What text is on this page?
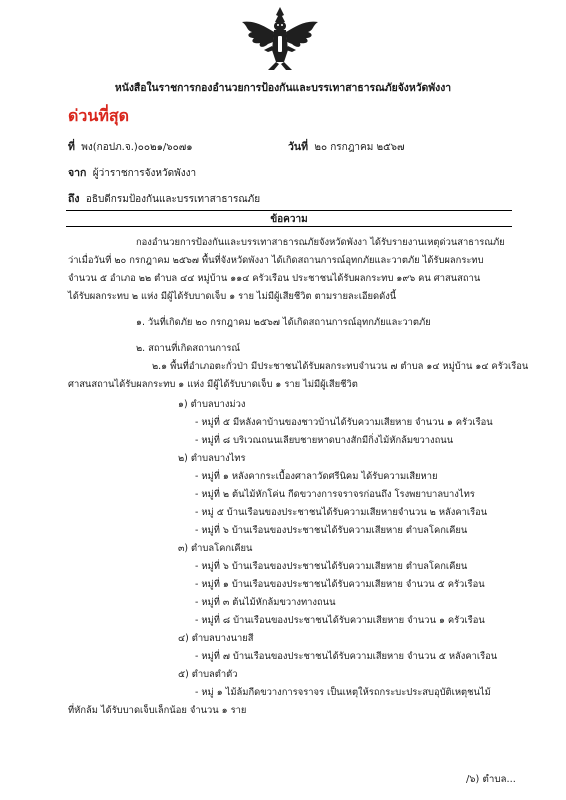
หนังสือในราชการกองอำนวยการป้องกันและบรรเทาสาธารณภัยจังหวัดพังงา
ด่วนที่สุด
ที่ พง(กอปภ.จ.)๐๐๒๑/๖๐๗๑	วันที่ ๒๐ กรกฎาคม ๒๕๖๗
จาก ผู้ว่าราชการจังหวัดพังงา
ถึง อธิบดีกรมป้องกันและบรรเทาสาธารณภัย
ข้อความ
กองอำนวยการป้องกันและบรรเทาสาธารณภัยจังหวัดพังงา ได้รับรายงานเหตุด่วนสาธารณภัย
ว่าเมื่อวันที่ ๒๐ กรกฎาคม ๒๕๖๗ พื้นที่จังหวัดพังงา ได้เกิดสถานการณ์อุทกภัยและวาตภัย ได้รับผลกระทบ
จำนวน ๕ อำเภอ ๒๒ ตำบล ๔๔ หมู่บ้าน ๑๑๔ ครัวเรือน ประชาชนได้รับผลกระทบ ๑๙๖ คน ศาสนสถาน
ได้รับผลกระทบ ๒ แห่ง มีผู้ได้รับบาดเจ็บ ๑ ราย ไม่มีผู้เสียชีวิต ตามรายละเอียดดังนี้
๑. วันที่เกิดภัย ๒๐ กรกฎาคม ๒๕๖๗ ได้เกิดสถานการณ์อุทกภัยและวาตภัย
๒. สถานที่เกิดสถานการณ์
๒.๑ พื้นที่อำเภอตะกั่วป่า มีประชาชนได้รับผลกระทบจำนวน ๗ ตำบล ๑๔ หมู่บ้าน ๑๔ ครัวเรือน
ศาสนสถานได้รับผลกระทบ ๑ แห่ง มีผู้ได้รับบาดเจ็บ ๑ ราย ไม่มีผู้เสียชีวิต
๑) ตำบลบางม่วง
- หมู่ที่ ๕ มีหลังคาบ้านของชาวบ้านได้รับความเสียหาย จำนวน ๑ ครัวเรือน
- หมู่ที่ ๘ บริเวณถนนเลียบชายหาดบางสักมีกิ่งไม้หักล้มขวางถนน
๒) ตำบลบางไทร
- หมู่ที่ ๑ หลังคากระเบื้องศาลาวัดศรีนิคม ได้รับความเสียหาย
- หมู่ที่ ๒ ต้นไม้หักโค่น กีดขวางการจราจรก่อนถึง โรงพยาบาลบางไทร
- หมู่ ๕ บ้านเรือนของประชาชนได้รับความเสียหายจำนวน ๒ หลังคาเรือน
- หมู่ที่ ๖ บ้านเรือนของประชาชนได้รับความเสียหาย ตำบลโคกเคียน
๓) ตำบลโคกเคียน
- หมู่ที่ ๖ บ้านเรือนของประชาชนได้รับความเสียหาย ตำบลโคกเคียน
- หมู่ที่ ๑ บ้านเรือนของประชาชนได้รับความเสียหาย จำนวน ๕ ครัวเรือน
- หมู่ที่ ๓ ต้นไม้หักล้มขวางทางถนน
- หมู่ที่ ๘ บ้านเรือนของประชาชนได้รับความเสียหาย จำนวน ๑ ครัวเรือน
๔) ตำบลบางนายสี
- หมู่ที่ ๗ บ้านเรือนของประชาชนได้รับความเสียหาย จำนวน ๕ หลังคาเรือน
๕) ตำบลตำตัว
- หมู่ ๑ ไม้ล้มกีดขวางการจราจร เป็นเหตุให้รถกระบะประสบอุบัติเหตุชนไม้
ที่หักล้ม ได้รับบาดเจ็บเล็กน้อย จำนวน ๑ ราย
/๖) ตำบล...
